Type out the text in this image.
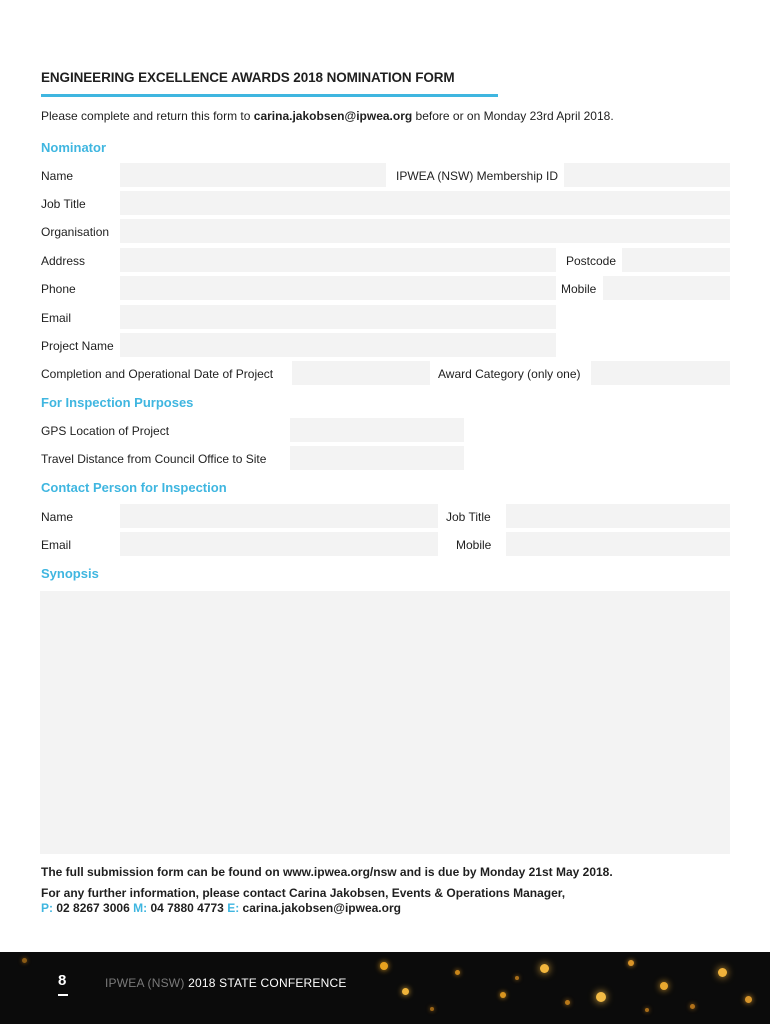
ENGINEERING EXCELLENCE AWARDS 2018 NOMINATION FORM
Please complete and return this form to carina.jakobsen@ipwea.org before or on Monday 23rd April 2018.
Nominator
Name	IPWEA (NSW) Membership ID
Job Title
Organisation
Address	Postcode
Phone	Mobile
Email
Project Name
Completion and Operational Date of Project	Award Category (only one)
For Inspection Purposes
GPS Location of Project
Travel Distance from Council Office to Site
Contact Person for Inspection
Name	Job Title
Email	Mobile
Synopsis
The full submission form can be found on www.ipwea.org/nsw and is due by Monday 21st May 2018.
For any further information, please contact Carina Jakobsen, Events & Operations Manager,
P: 02 8267 3006 M: 04 7880 4773 E: carina.jakobsen@ipwea.org
8	IPWEA (NSW) 2018 STATE CONFERENCE
